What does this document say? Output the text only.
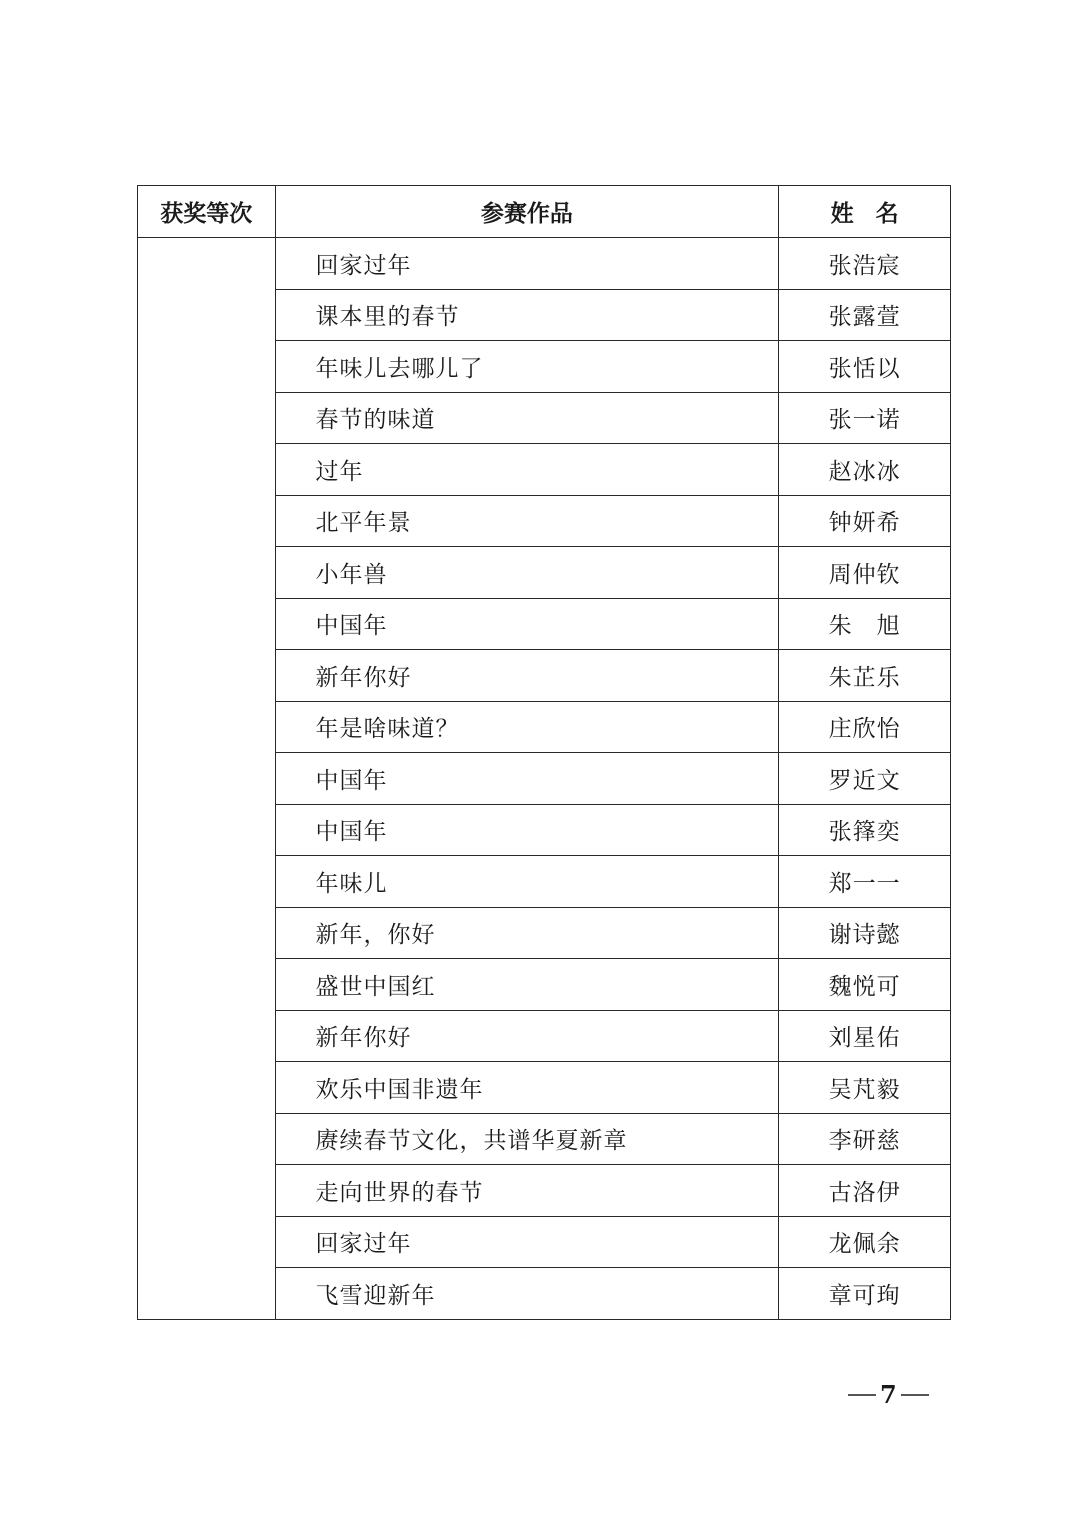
获奖等次	参赛作品	姓名
	回家过年	张浩宸
	课本里的春节	张露萱
	年味儿去哪儿了	张恬以
	春节的味道	张一诺
	过年	赵冰冰
	北平年景	钟妍希
	小年兽	周仲钦
	中国年	朱　旭
	新年你好	朱芷乐
	年是啥味道？	庄欣怡
	中国年	罗近文
	中国年	张箨奕
	年味儿	郑一一
	新年，你好	谢诗懿
	盛世中国红	魏悦可
	新年你好	刘星佑
	欢乐中国非遗年	吴芃毅
	赓续春节文化，共谱华夏新章	李研慈
	走向世界的春节	古洛伊
	回家过年	龙佩余
	飞雪迎新年	章可珣
7
